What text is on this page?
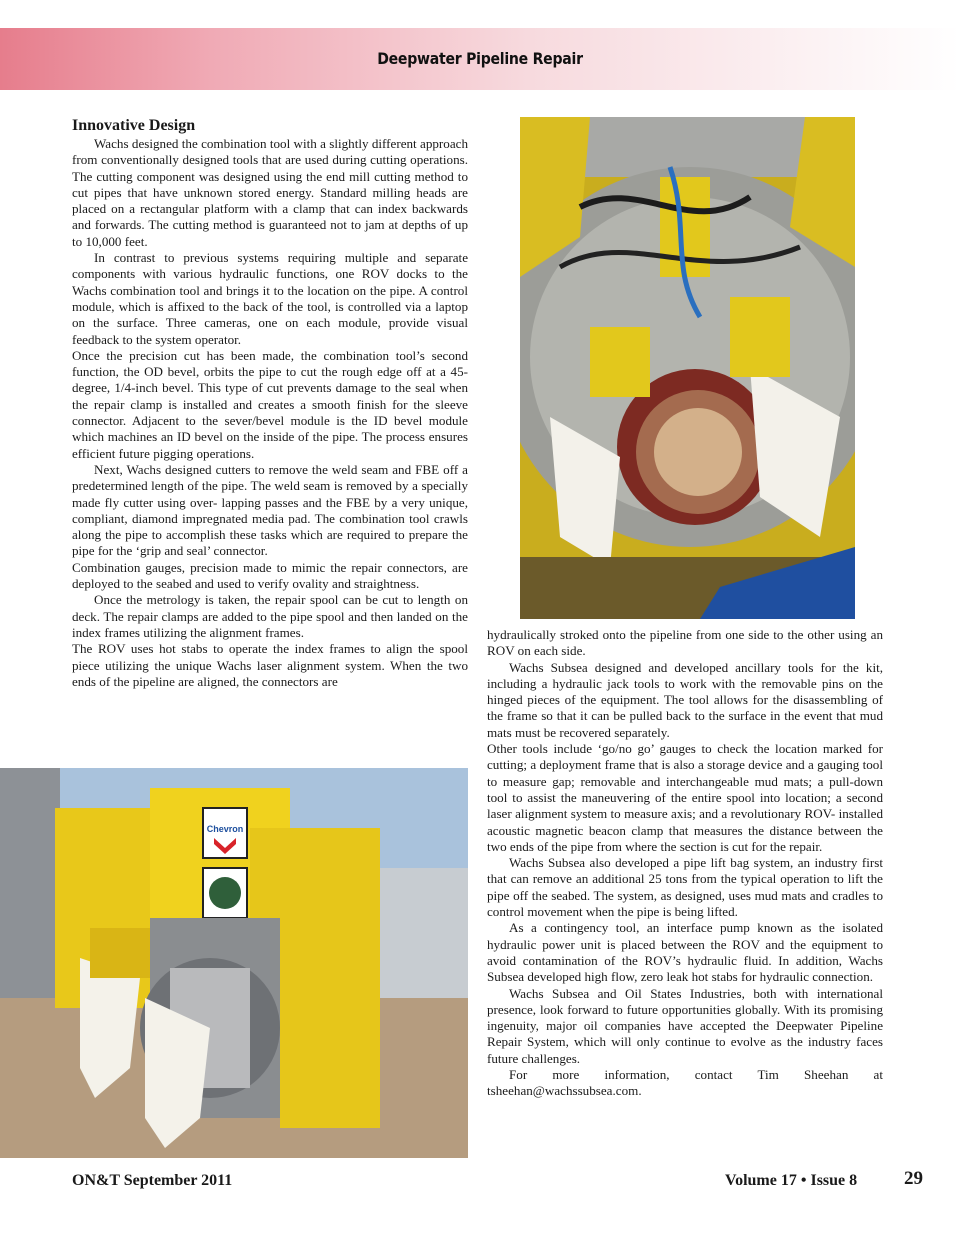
Deepwater Pipeline Repair
Innovative Design

Wachs designed the combination tool with a slightly different approach from conventionally designed tools that are used during cutting operations. The cutting component was designed using the end mill cutting method to cut pipes that have unknown stored energy. Standard milling heads are placed on a rectangular platform with a clamp that can index backwards and forwards. The cutting method is guaranteed not to jam at depths of up to 10,000 feet.

In contrast to previous systems requiring multiple and separate components with various hydraulic functions, one ROV docks to the Wachs combination tool and brings it to the location on the pipe. A control module, which is affixed to the back of the tool, is controlled via a laptop on the surface. Three cameras, one on each module, provide visual feedback to the system operator.

Once the precision cut has been made, the combination tool’s second function, the OD bevel, orbits the pipe to cut the rough edge off at a 45-degree, 1/4-inch bevel. This type of cut prevents damage to the seal when the repair clamp is installed and creates a smooth finish for the sleeve connector. Adjacent to the sever/bevel module is the ID bevel module which machines an ID bevel on the inside of the pipe. The process ensures efficient future pigging operations.

Next, Wachs designed cutters to remove the weld seam and FBE off a predetermined length of the pipe. The weld seam is removed by a specially made fly cutter using over- lapping passes and the FBE by a very unique, compliant, diamond impregnated media pad. The combination tool crawls along the pipe to accomplish these tasks which are required to prepare the pipe for the ‘grip and seal’ connector.

Combination gauges, precision made to mimic the repair connectors, are deployed to the seabed and used to verify ovality and straightness.

Once the metrology is taken, the repair spool can be cut to length on deck. The repair clamps are added to the pipe spool and then landed on the index frames utilizing the alignment frames.

The ROV uses hot stabs to operate the index frames to align the spool piece utilizing the unique Wachs laser alignment system. When the two ends of the pipeline are aligned, the connectors are

hydraulically stroked onto the pipeline from one side to the other using an ROV on each side.

Wachs Subsea designed and developed ancillary tools for the kit, including a hydraulic jack tools to work with the removable pins on the hinged pieces of the equipment. The tool allows for the disassembling of the frame so that it can be pulled back to the surface in the event that mud mats must be recovered separately.

Other tools include ‘go/no go’ gauges to check the location marked for cutting; a deployment frame that is also a storage device and a gauging tool to measure gap; removable and interchangeable mud mats; a pull-down tool to assist the maneuvering of the entire spool into location; a second laser alignment system to measure axis; and a revolutionary ROV- installed acoustic magnetic beacon clamp that measures the distance between the two ends of the pipe from where the section is cut for the repair.

Wachs Subsea also developed a pipe lift bag system, an industry first that can remove an additional 25 tons from the typical operation to lift the pipe off the seabed. The system, as designed, uses mud mats and cradles to control movement when the pipe is being lifted.

As a contingency tool, an interface pump known as the isolated hydraulic power unit is placed between the ROV and the equipment to avoid contamination of the ROV’s hydraulic fluid. In addition, Wachs Subsea developed high flow, zero leak hot stabs for hydraulic connection.

Wachs Subsea and Oil States Industries, both with international presence, look forward to future opportunities globally. With its promising ingenuity, major oil companies have accepted the Deepwater Pipeline Repair System, which will only continue to evolve as the industry faces future challenges.

For more information, contact Tim Sheehan at tsheehan@wachssubsea.com.

Chevron
ON&T September 2011	Volume 17 • Issue 8 29
